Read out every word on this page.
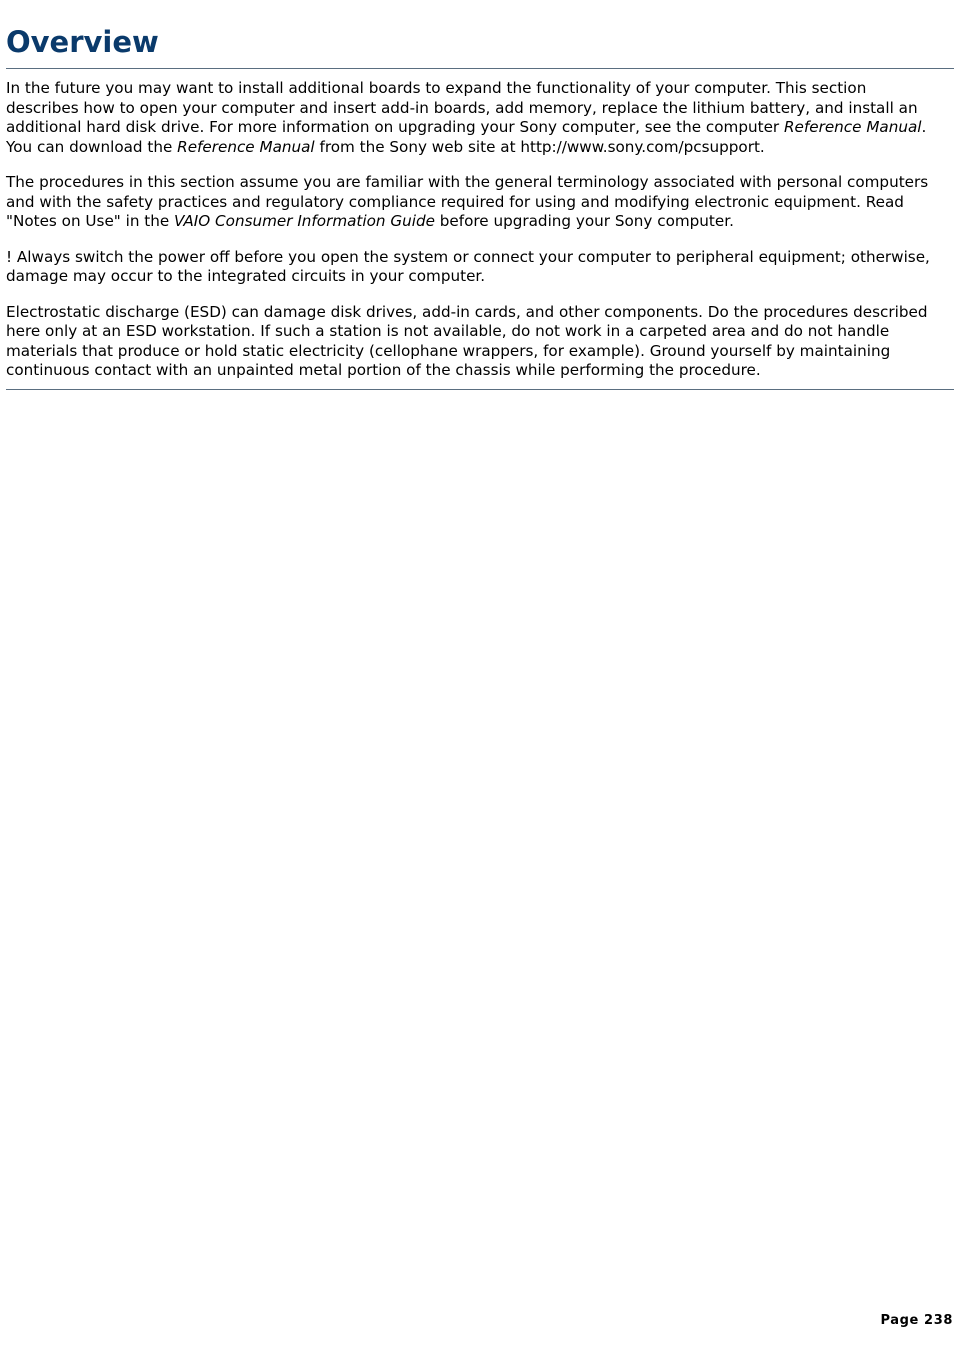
Overview

In the future you may want to install additional boards to expand the functionality of your computer. This section describes how to open your computer and insert add-in boards, add memory, replace the lithium battery, and install an additional hard disk drive. For more information on upgrading your Sony computer, see the computer Reference Manual. You can download the Reference Manual from the Sony web site at http://www.sony.com/pcsupport.

The procedures in this section assume you are familiar with the general terminology associated with personal computers and with the safety practices and regulatory compliance required for using and modifying electronic equipment. Read "Notes on Use" in the VAIO Consumer Information Guide before upgrading your Sony computer.

! Always switch the power off before you open the system or connect your computer to peripheral equipment; otherwise, damage may occur to the integrated circuits in your computer.

Electrostatic discharge (ESD) can damage disk drives, add-in cards, and other components. Do the procedures described here only at an ESD workstation. If such a station is not available, do not work in a carpeted area and do not handle materials that produce or hold static electricity (cellophane wrappers, for example). Ground yourself by maintaining continuous contact with an unpainted metal portion of the chassis while performing the procedure.

Page 238
